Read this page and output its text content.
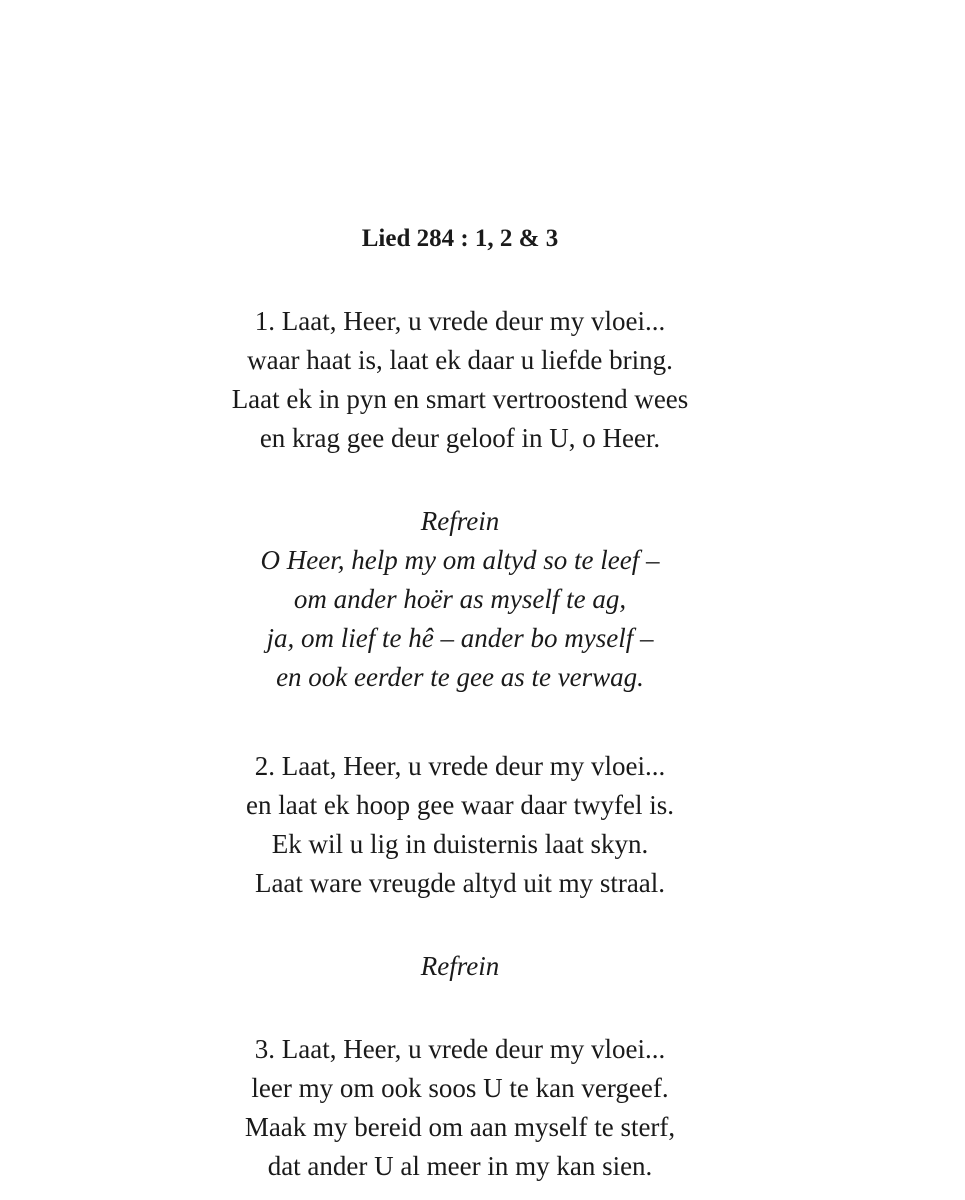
Lied 284 : 1, 2 & 3
1. Laat, Heer, u vrede deur my vloei...
waar haat is, laat ek daar u liefde bring.
Laat ek in pyn en smart vertroostend wees
en krag gee deur geloof in U, o Heer.
Refrein
O Heer, help my om altyd so te leef –
om ander hoër as myself te ag,
ja, om lief te hê – ander bo myself –
en ook eerder te gee as te verwag.
2. Laat, Heer, u vrede deur my vloei...
en laat ek hoop gee waar daar twyfel is.
Ek wil u lig in duisternis laat skyn.
Laat ware vreugde altyd uit my straal.
Refrein
3. Laat, Heer, u vrede deur my vloei...
leer my om ook soos U te kan vergeef.
Maak my bereid om aan myself te sterf,
dat ander U al meer in my kan sien.
